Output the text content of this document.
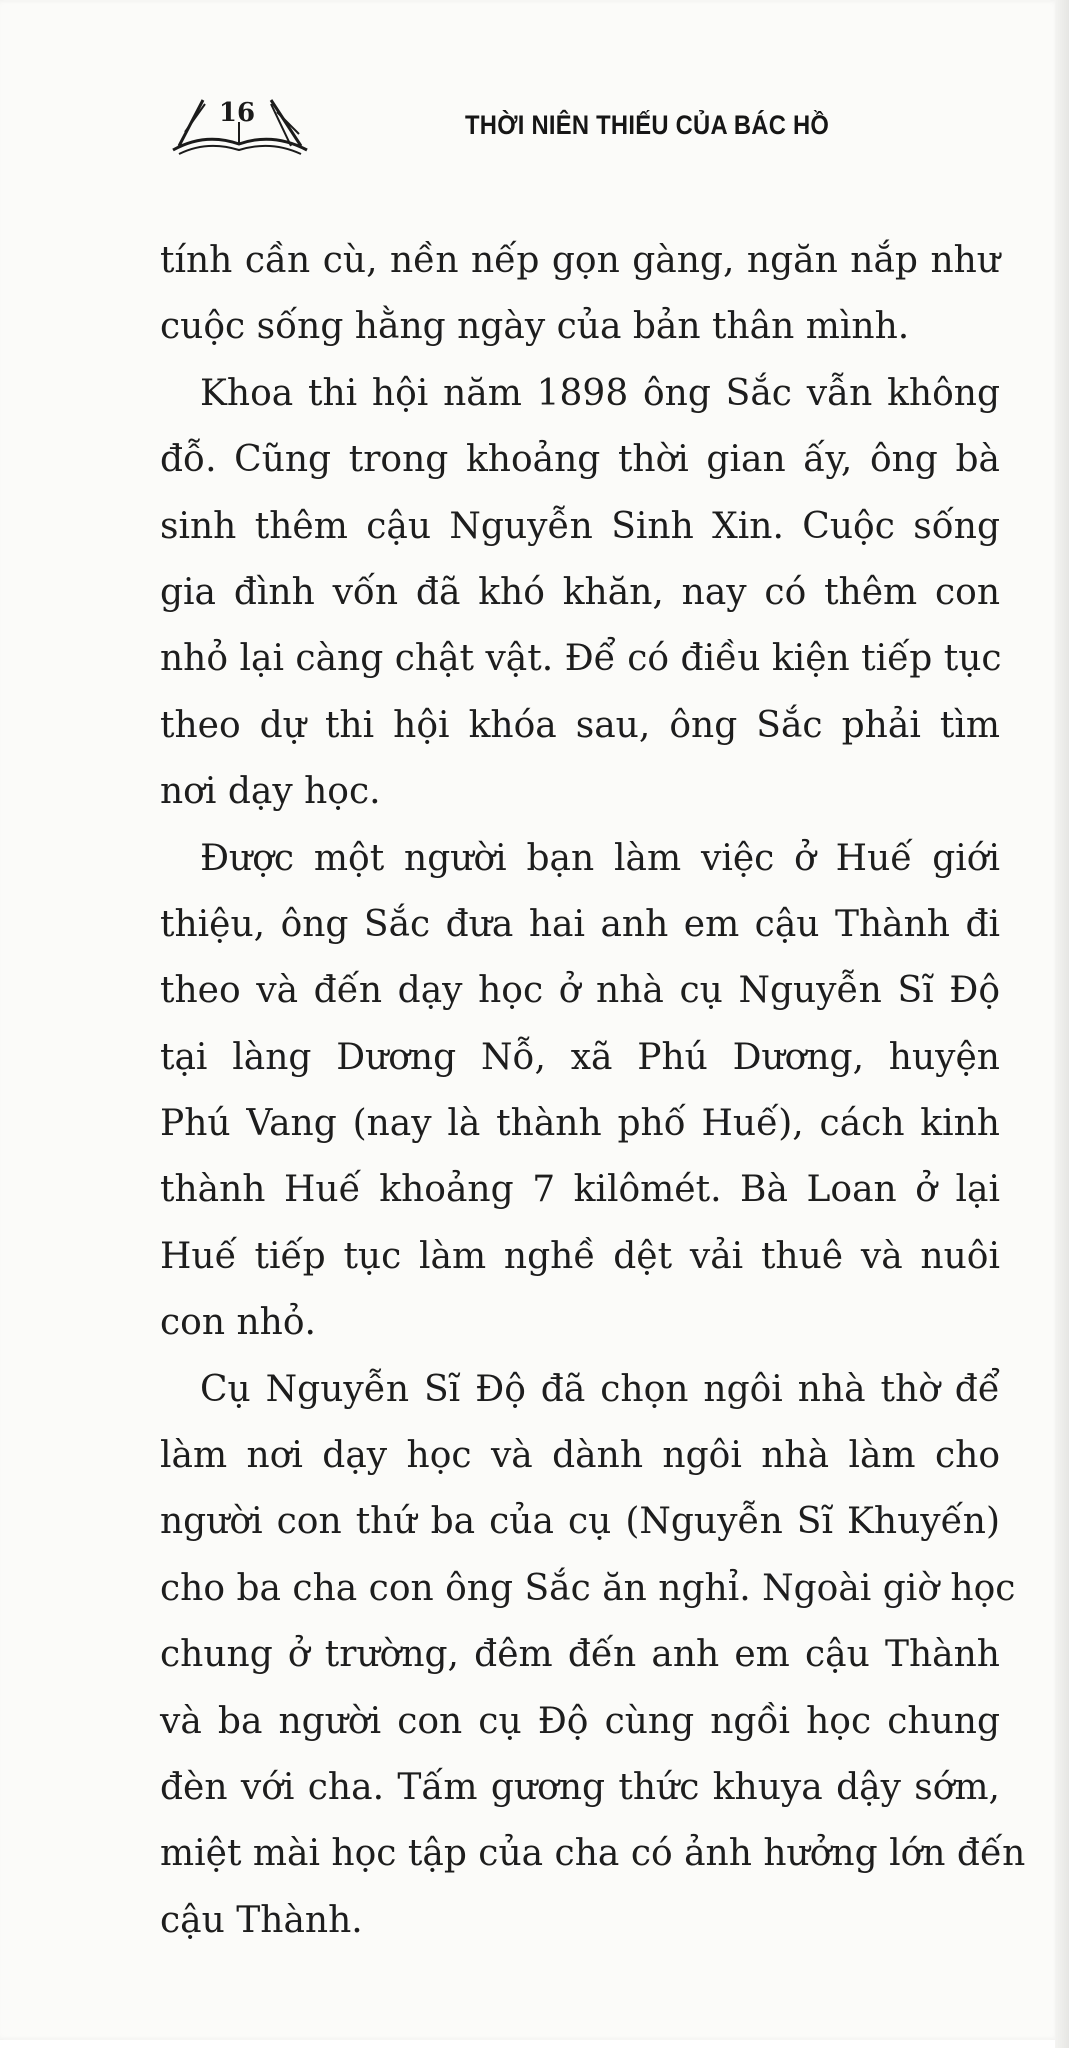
16	THỜI NIÊN THIẾU CỦA BÁC HỒ
tính cần cù, nền nếp gọn gàng, ngăn nắp như
cuộc sống hằng ngày của bản thân mình.
Khoa thi hội năm 1898 ông Sắc vẫn không
đỗ. Cũng trong khoảng thời gian ấy, ông bà
sinh thêm cậu Nguyễn Sinh Xin. Cuộc sống
gia đình vốn đã khó khăn, nay có thêm con
nhỏ lại càng chật vật. Để có điều kiện tiếp tục
theo dự thi hội khóa sau, ông Sắc phải tìm
nơi dạy học.
Được một người bạn làm việc ở Huế giới
thiệu, ông Sắc đưa hai anh em cậu Thành đi
theo và đến dạy học ở nhà cụ Nguyễn Sĩ Độ
tại làng Dương Nỗ, xã Phú Dương, huyện
Phú Vang (nay là thành phố Huế), cách kinh
thành Huế khoảng 7 kilômét. Bà Loan ở lại
Huế tiếp tục làm nghề dệt vải thuê và nuôi
con nhỏ.
Cụ Nguyễn Sĩ Độ đã chọn ngôi nhà thờ để
làm nơi dạy học và dành ngôi nhà làm cho
người con thứ ba của cụ (Nguyễn Sĩ Khuyến)
cho ba cha con ông Sắc ăn nghỉ. Ngoài giờ học
chung ở trường, đêm đến anh em cậu Thành
và ba người con cụ Độ cùng ngồi học chung
đèn với cha. Tấm gương thức khuya dậy sớm,
miệt mài học tập của cha có ảnh hưởng lớn đến
cậu Thành.
